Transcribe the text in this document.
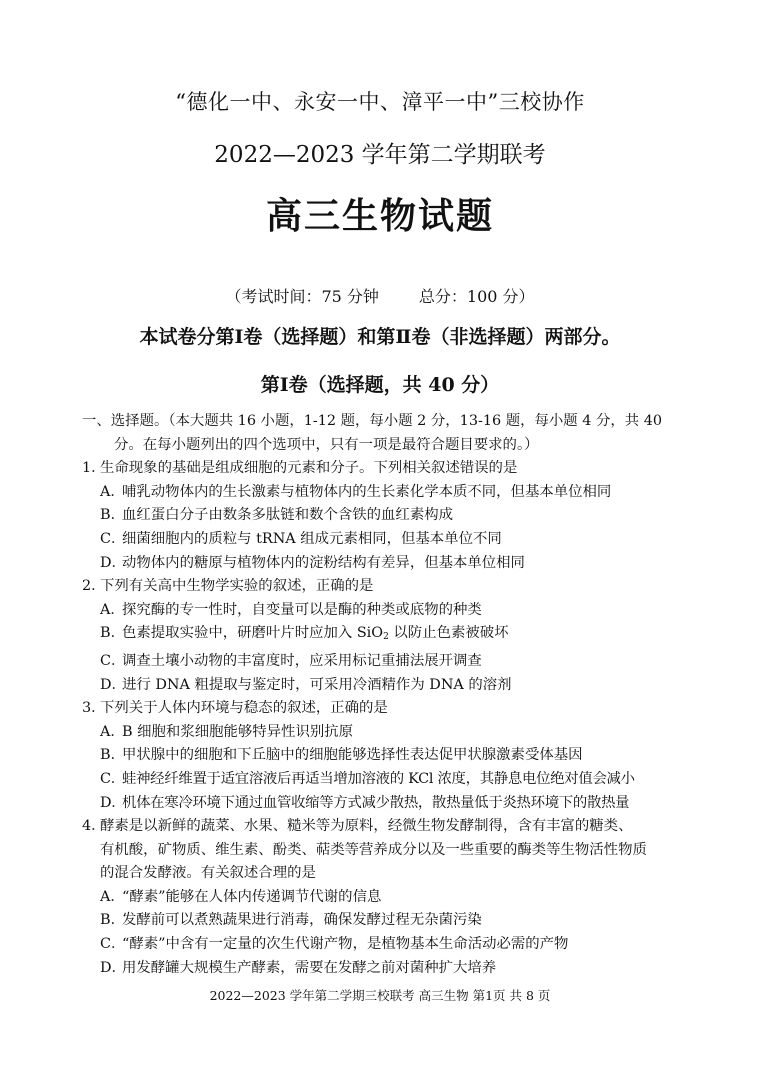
“德化一中、永安一中、漳平一中”三校协作
2022—2023 学年第二学期联考
高三生物试题
（考试时间：75 分钟	总分：100 分）
本试卷分第Ⅰ卷（选择题）和第Ⅱ卷（非选择题）两部分。
第Ⅰ卷（选择题，共 40 分）
一、选择题。（本大题共 16 小题，1-12 题，每小题 2 分，13-16 题，每小题 4 分，共 40
分。在每小题列出的四个选项中，只有一项是最符合题目要求的。）
1．生命现象的基础是组成细胞的元素和分子。下列相关叙述错误的是
A．哺乳动物体内的生长激素与植物体内的生长素化学本质不同，但基本单位相同
B．血红蛋白分子由数条多肽链和数个含铁的血红素构成
C．细菌细胞内的质粒与 tRNA 组成元素相同，但基本单位不同
D．动物体内的糖原与植物体内的淀粉结构有差异，但基本单位相同
2．下列有关高中生物学实验的叙述，正确的是
A．探究酶的专一性时，自变量可以是酶的种类或底物的种类
B．色素提取实验中，研磨叶片时应加入 SiO$_2$ 以防止色素被破坏
C．调查土壤小动物的丰富度时，应采用标记重捕法展开调查
D．进行 DNA 粗提取与鉴定时，可采用冷酒精作为 DNA 的溶剂
3．下列关于人体内环境与稳态的叙述，正确的是
A．B 细胞和浆细胞能够特异性识别抗原
B．甲状腺中的细胞和下丘脑中的细胞能够选择性表达促甲状腺激素受体基因
C．蛙神经纤维置于适宜溶液后再适当增加溶液的 KCl 浓度，其静息电位绝对值会减小
D．机体在寒冷环境下通过血管收缩等方式减少散热，散热量低于炎热环境下的散热量
4．酵素是以新鲜的蔬菜、水果、糙米等为原料，经微生物发酵制得，含有丰富的糖类、
有机酸，矿物质、维生素、酚类、萜类等营养成分以及一些重要的酶类等生物活性物质
的混合发酵液。有关叙述合理的是
A．“酵素”能够在人体内传递调节代谢的信息
B．发酵前可以煮熟蔬果进行消毒，确保发酵过程无杂菌污染
C．“酵素”中含有一定量的次生代谢产物，是植物基本生命活动必需的产物
D．用发酵罐大规模生产酵素，需要在发酵之前对菌种扩大培养
2022—2023 学年第二学期三校联考 高三生物 第1页 共 8 页
